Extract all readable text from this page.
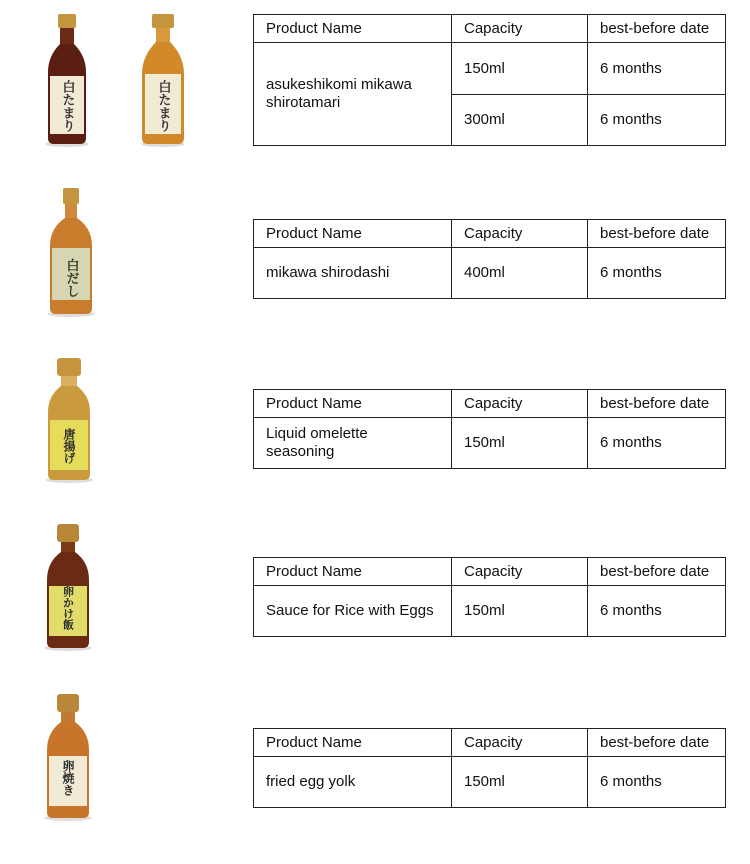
白たまり	白たまり
Product Name	Capacity	best-before date
asukeshikomi mikawa shirotamari	150ml	6 months
	300ml	6 months
白だし
Product Name	Capacity	best-before date
mikawa shirodashi	400ml	6 months
唐揚げ
Product Name	Capacity	best-before date
Liquid omelette seasoning	150ml	6 months
卵かけ飯
Product Name	Capacity	best-before date
Sauce for Rice with Eggs	150ml	6 months
卵焼き
Product Name	Capacity	best-before date
fried egg yolk	150ml	6 months
